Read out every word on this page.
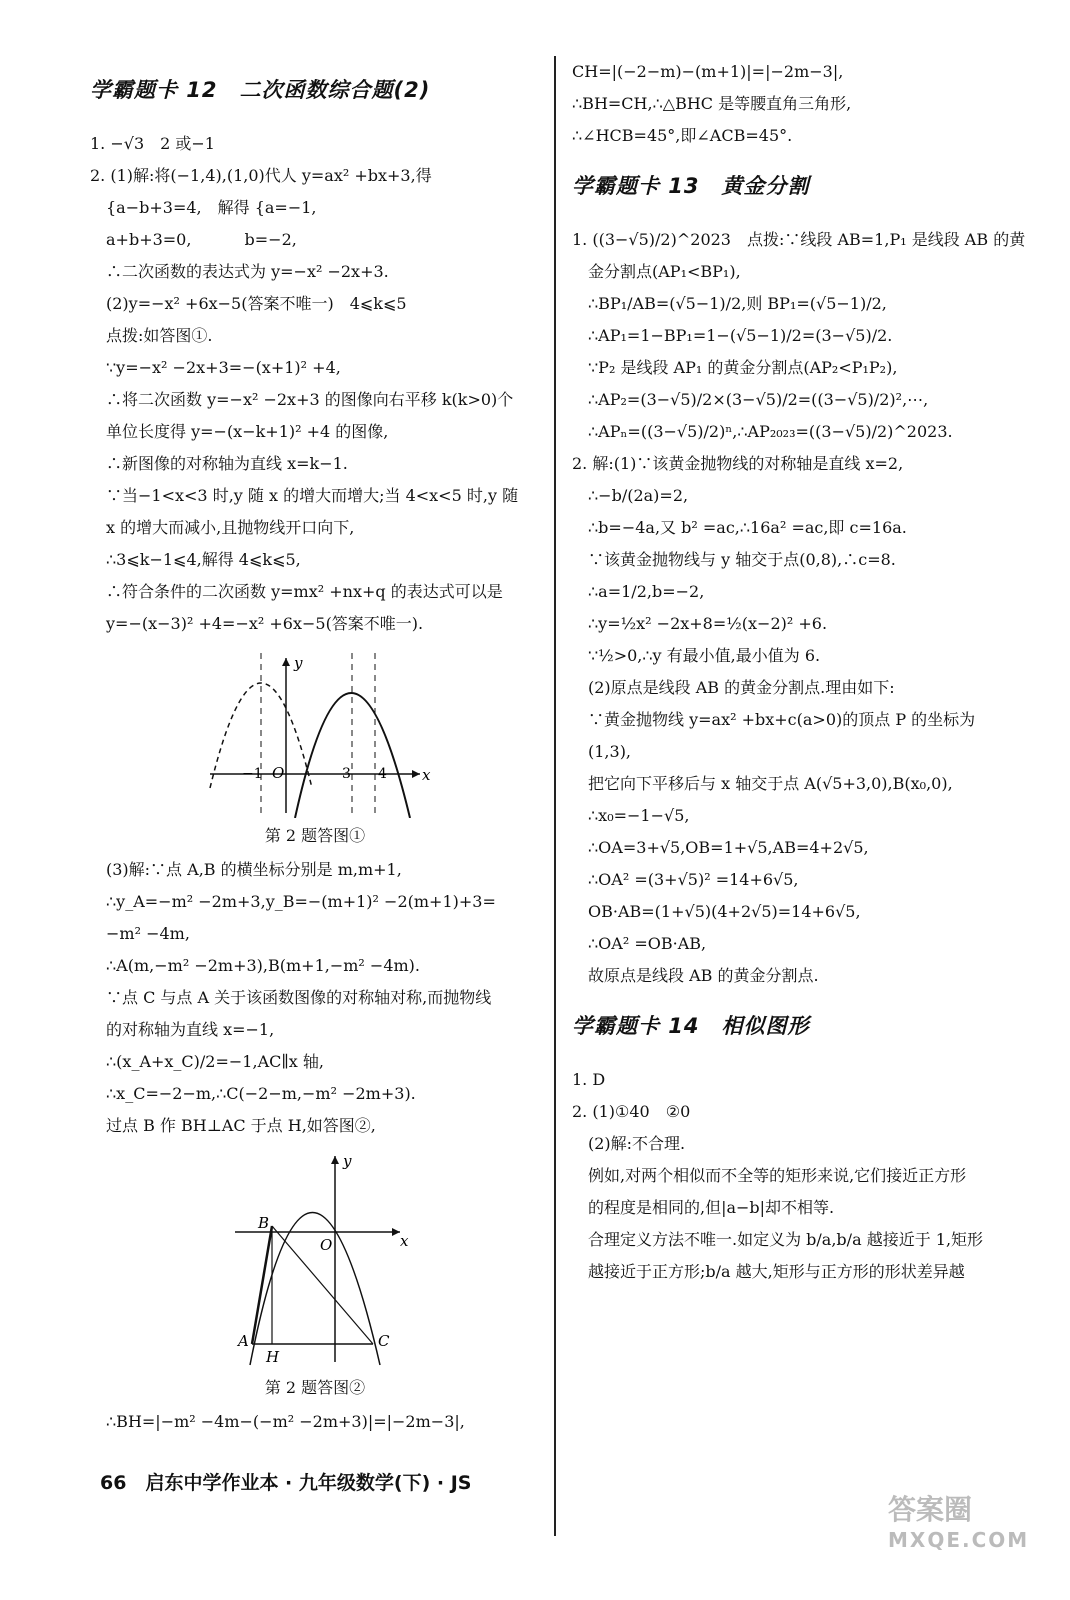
学霸题卡 12　二次函数综合题(2)
1. −√3　2 或−1
2. (1)解:将(−1,4),(1,0)代人 y=ax² +bx+3,得
{a−b+3=4,　解得 {a=−1,
a+b+3=0,　　　 b=−2,
∴二次函数的表达式为 y=−x² −2x+3.
(2)y=−x² +6x−5(答案不唯一)　4⩽k⩽5
点拨:如答图①.
∵y=−x² −2x+3=−(x+1)² +4,
∴将二次函数 y=−x² −2x+3 的图像向右平移 k(k>0)个
单位长度得 y=−(x−k+1)² +4 的图像,
∴新图像的对称轴为直线 x=k−1.
∵当−1<x<3 时,y 随 x 的增大而增大;当 4<x<5 时,y 随
x 的增大而减小,且抛物线开口向下,
∴3⩽k−1⩽4,解得 4⩽k⩽5,
∴符合条件的二次函数 y=mx² +nx+q 的表达式可以是
y=−(x−3)² +4=−x² +6x−5(答案不唯一).
y
x
O
−1	3 4
第 2 题答图①
(3)解:∵点 A,B 的横坐标分别是 m,m+1,
∴y_A=−m² −2m+3,y_B=−(m+1)² −2(m+1)+3=
−m² −4m,
∴A(m,−m² −2m+3),B(m+1,−m² −4m).
∵点 C 与点 A 关于该函数图像的对称轴对称,而抛物线
的对称轴为直线 x=−1,
∴(x_A+x_C)/2=−1,AC∥x 轴,
∴x_C=−2−m,∴C(−2−m,−m² −2m+3).
过点 B 作 BH⊥AC 于点 H,如答图②,
y
x
O
B
A
H
C
第 2 题答图②
∴BH=|−m² −4m−(−m² −2m+3)|=|−2m−3|,
CH=|(−2−m)−(m+1)|=|−2m−3|,
∴BH=CH,∴△BHC 是等腰直角三角形,
∴∠HCB=45°,即∠ACB=45°.
学霸题卡 13　黄金分割
1. ((3−√5)/2)^2023　点拨:∵线段 AB=1,P₁ 是线段 AB 的黄
金分割点(AP₁<BP₁),
∴BP₁/AB=(√5−1)/2,则 BP₁=(√5−1)/2,
∴AP₁=1−BP₁=1−(√5−1)/2=(3−√5)/2.
∵P₂ 是线段 AP₁ 的黄金分割点(AP₂<P₁P₂),
∴AP₂=(3−√5)/2×(3−√5)/2=((3−√5)/2)²,⋯,
∴APₙ=((3−√5)/2)ⁿ,∴AP₂₀₂₃=((3−√5)/2)^2023.
2. 解:(1)∵该黄金抛物线的对称轴是直线 x=2,
∴−b/(2a)=2,
∴b=−4a,又 b² =ac,∴16a² =ac,即 c=16a.
∵该黄金抛物线与 y 轴交于点(0,8),∴c=8.
∴a=1/2,b=−2,
∴y=½x² −2x+8=½(x−2)² +6.
∵½>0,∴y 有最小值,最小值为 6.
(2)原点是线段 AB 的黄金分割点.理由如下:
∵黄金抛物线 y=ax² +bx+c(a>0)的顶点 P 的坐标为
(1,3),
把它向下平移后与 x 轴交于点 A(√5+3,0),B(x₀,0),
∴x₀=−1−√5,
∴OA=3+√5,OB=1+√5,AB=4+2√5,
∴OA² =(3+√5)² =14+6√5,
OB·AB=(1+√5)(4+2√5)=14+6√5,
∴OA² =OB·AB,
故原点是线段 AB 的黄金分割点.
学霸题卡 14　相似图形
1. D
2. (1)①40　②0
(2)解:不合理.
例如,对两个相似而不全等的矩形来说,它们接近正方形
的程度是相同的,但|a−b|却不相等.
合理定义方法不唯一.如定义为 b/a,b/a 越接近于 1,矩形
越接近于正方形;b/a 越大,矩形与正方形的形状差异越
66　启东中学作业本 · 九年级数学(下) · JS
答案圈
MXQE.COM
